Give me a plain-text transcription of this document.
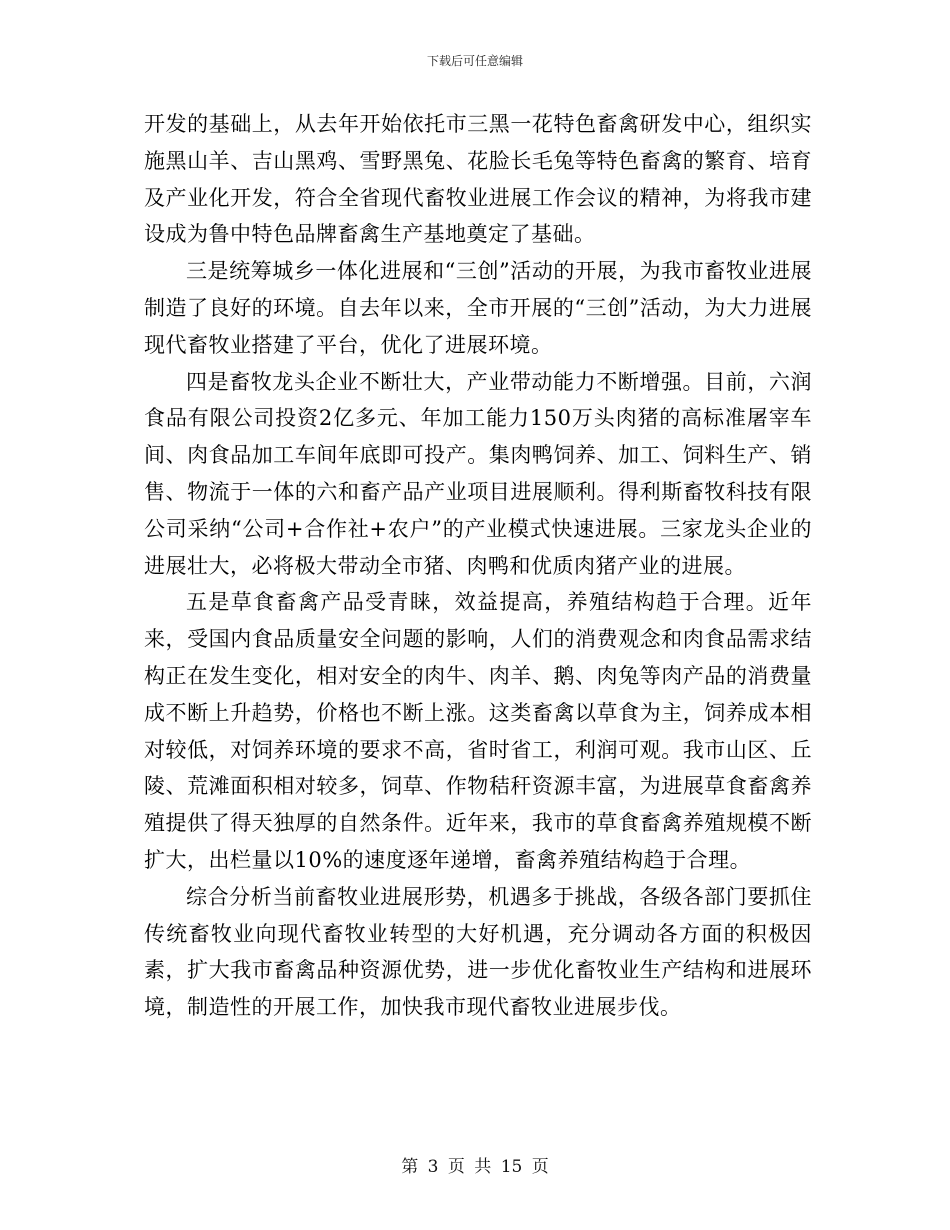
下载后可任意编辑

开发的基础上，从去年开始依托市三黑一花特色畜禽研发中心，组织实施黑山羊、吉山黑鸡、雪野黑兔、花脸长毛兔等特色畜禽的繁育、培育及产业化开发，符合全省现代畜牧业进展工作会议的精神，为将我市建设成为鲁中特色品牌畜禽生产基地奠定了基础。

三是统筹城乡一体化进展和“三创”活动的开展，为我市畜牧业进展制造了良好的环境。自去年以来，全市开展的“三创”活动，为大力进展现代畜牧业搭建了平台，优化了进展环境。

四是畜牧龙头企业不断壮大，产业带动能力不断增强。目前，六润食品有限公司投资2亿多元、年加工能力150万头肉猪的高标准屠宰车间、肉食品加工车间年底即可投产。集肉鸭饲养、加工、饲料生产、销售、物流于一体的六和畜产品产业项目进展顺利。得利斯畜牧科技有限公司采纳“公司+合作社+农户”的产业模式快速进展。三家龙头企业的进展壮大，必将极大带动全市猪、肉鸭和优质肉猪产业的进展。

五是草食畜禽产品受青睐，效益提高，养殖结构趋于合理。近年来，受国内食品质量安全问题的影响，人们的消费观念和肉食品需求结构正在发生变化，相对安全的肉牛、肉羊、鹅、肉兔等肉产品的消费量成不断上升趋势，价格也不断上涨。这类畜禽以草食为主，饲养成本相对较低，对饲养环境的要求不高，省时省工，利润可观。我市山区、丘陵、荒滩面积相对较多，饲草、作物秸秆资源丰富，为进展草食畜禽养殖提供了得天独厚的自然条件。近年来，我市的草食畜禽养殖规模不断扩大，出栏量以10%的速度逐年递增，畜禽养殖结构趋于合理。

综合分析当前畜牧业进展形势，机遇多于挑战，各级各部门要抓住传统畜牧业向现代畜牧业转型的大好机遇，充分调动各方面的积极因素，扩大我市畜禽品种资源优势，进一步优化畜牧业生产结构和进展环境，制造性的开展工作，加快我市现代畜牧业进展步伐。

第 3 页 共 15 页
